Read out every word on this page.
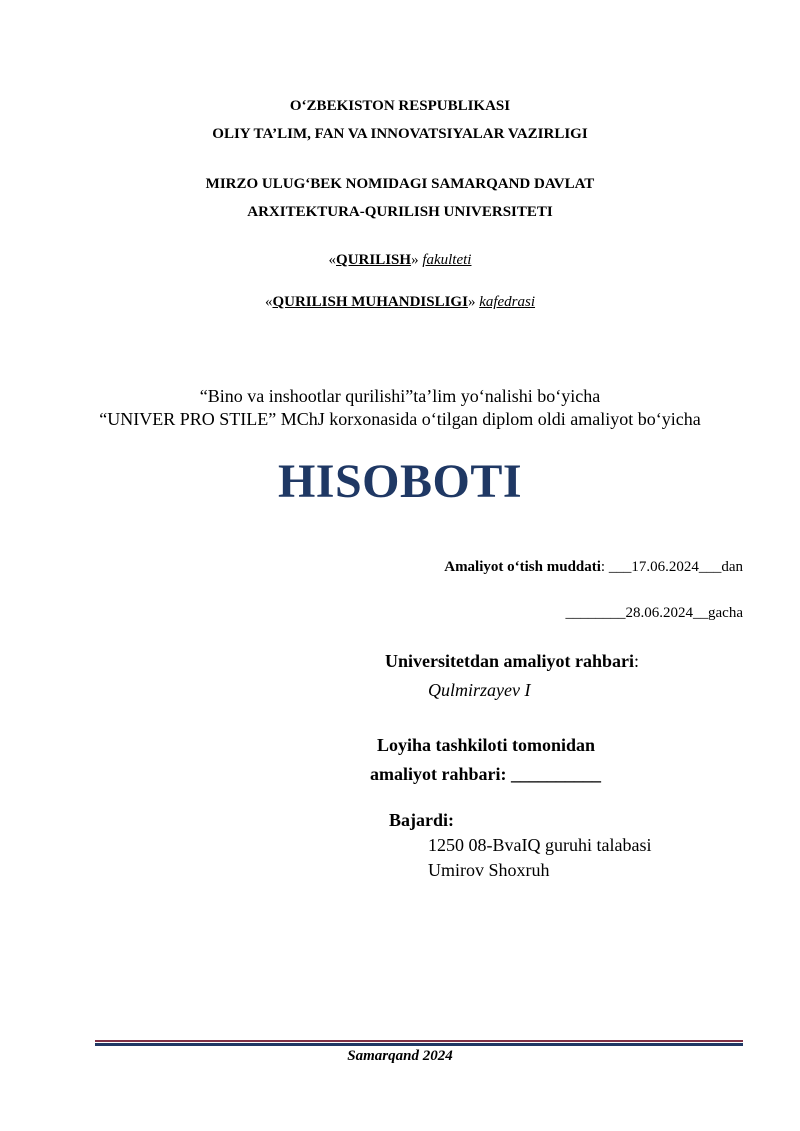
O‘ZBEKISTON RESPUBLIKASI
OLIY TA’LIM, FAN VA INNOVATSIYALAR VAZIRLIGI
MIRZO ULUG‘BEK NOMIDAGI SAMARQAND DAVLAT
ARXITEKTURA-QURILISH UNIVERSITETI
«QURILISH» fakulteti
«QURILISH MUHANDISLIGI» kafedrasi
“Bino va inshootlar qurilishi”ta’lim yo‘nalishi bo‘yicha
“UNIVER PRO STILE” MChJ korxonasida o‘tilgan diplom oldi amaliyot bo‘yicha
HISOBOTI
Amaliyot o‘tish muddati: ___17.06.2024___dan
________28.06.2024__gacha
Universitetdan amaliyot rahbari:
Qulmirzayev I
Loyiha tashkiloti tomonidan
amaliyot rahbari: __________
Bajardi:
1250 08-BvaIQ guruhi talabasi
Umirov Shoxruh
Samarqand 2024
